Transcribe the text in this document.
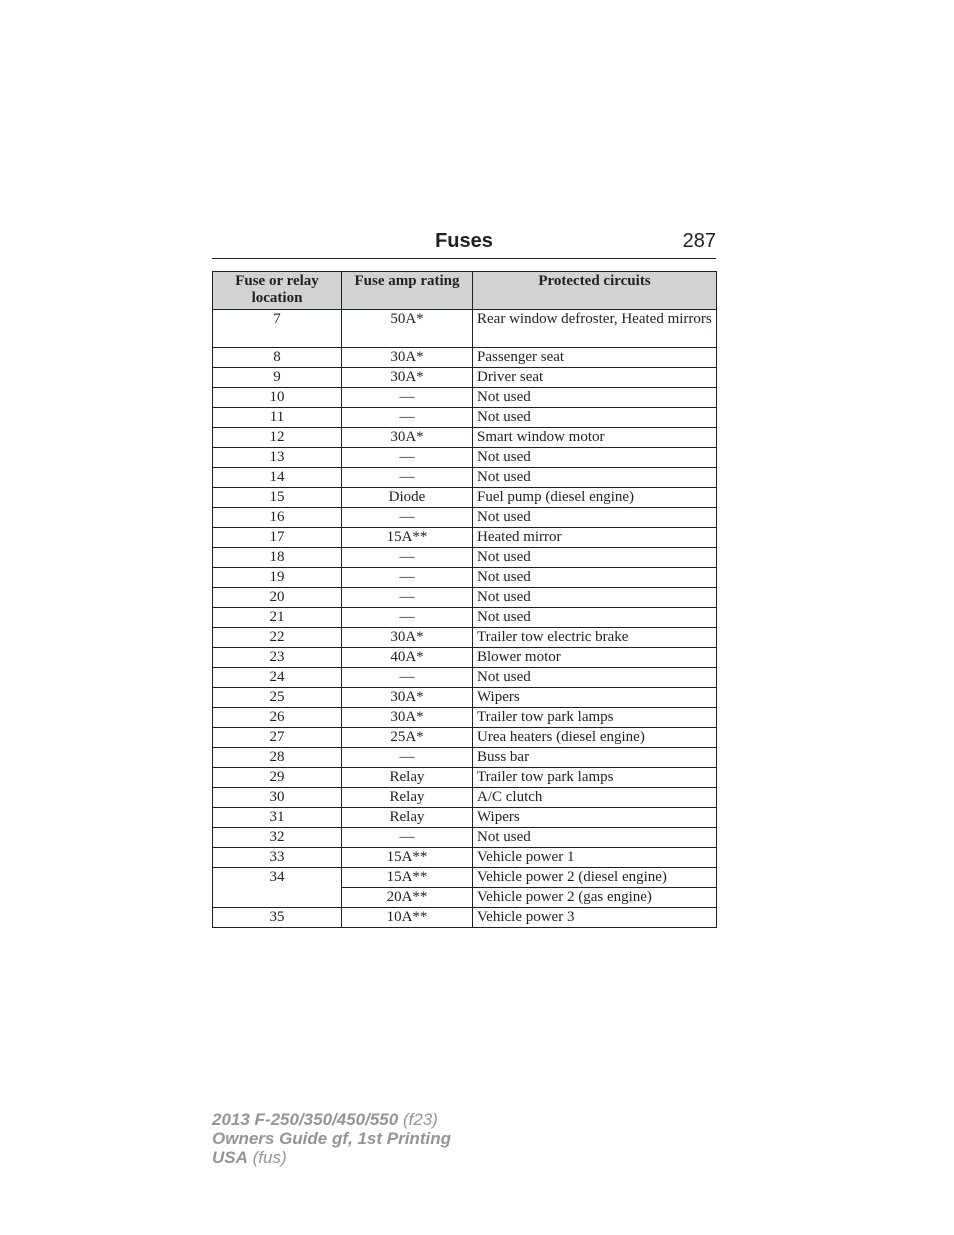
Fuses	287
Fuse or relay location	Fuse amp rating	Protected circuits
7	50A*	Rear window defroster, Heated mirrors
8	30A*	Passenger seat
9	30A*	Driver seat
10	—	Not used
11	—	Not used
12	30A*	Smart window motor
13	—	Not used
14	—	Not used
15	Diode	Fuel pump (diesel engine)
16	—	Not used
17	15A**	Heated mirror
18	—	Not used
19	—	Not used
20	—	Not used
21	—	Not used
22	30A*	Trailer tow electric brake
23	40A*	Blower motor
24	—	Not used
25	30A*	Wipers
26	30A*	Trailer tow park lamps
27	25A*	Urea heaters (diesel engine)
28	—	Buss bar
29	Relay	Trailer tow park lamps
30	Relay	A/C clutch
31	Relay	Wipers
32	—	Not used
33	15A**	Vehicle power 1
34	15A**	Vehicle power 2 (diesel engine)
	20A**	Vehicle power 2 (gas engine)
35	10A**	Vehicle power 3
2013 F-250/350/450/550 (f23)
Owners Guide gf, 1st Printing
USA (fus)
